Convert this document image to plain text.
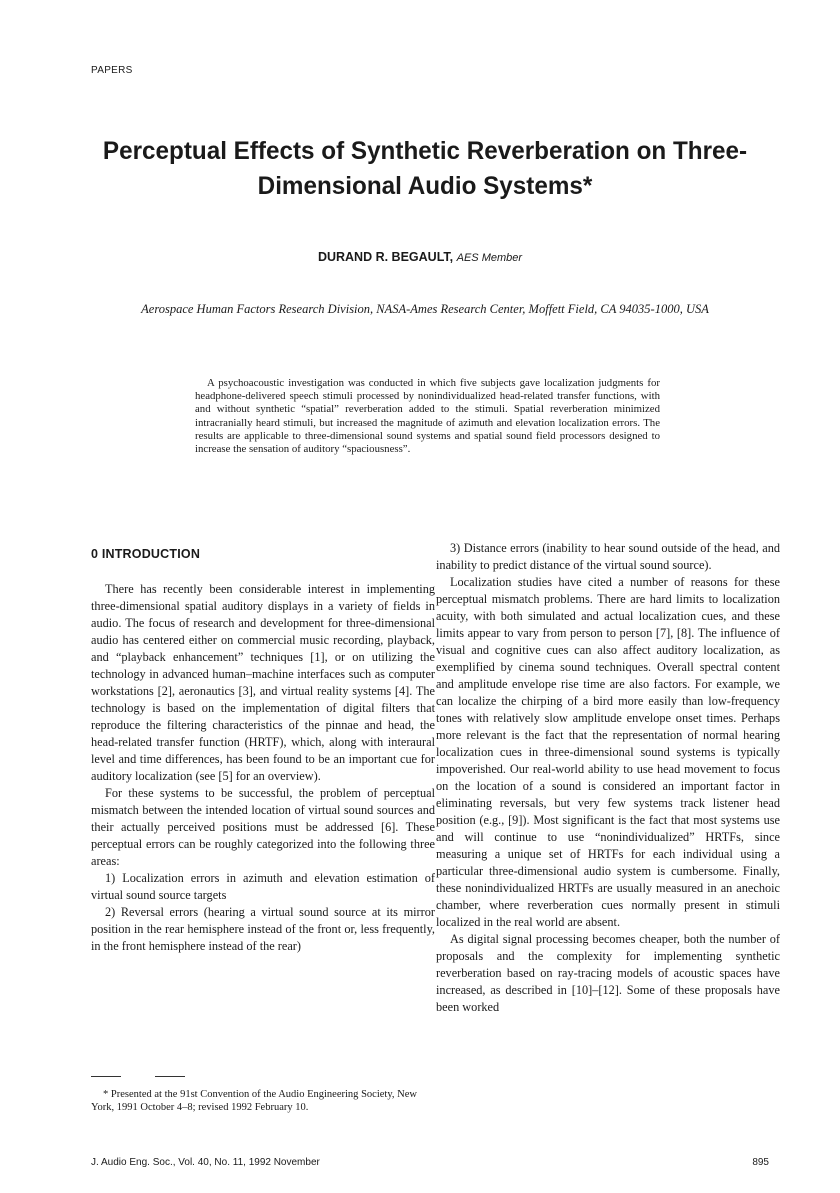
PAPERS
Perceptual Effects of Synthetic Reverberation on Three-Dimensional Audio Systems*
DURAND R. BEGAULT, AES Member
Aerospace Human Factors Research Division, NASA-Ames Research Center, Moffett Field, CA 94035-1000, USA

A psychoacoustic investigation was conducted in which five subjects gave localization judgments for headphone-delivered speech stimuli processed by nonindividualized head-related transfer functions, with and without synthetic “spatial” reverberation added to the stimuli. Spatial reverberation minimized intracranially heard stimuli, but increased the magnitude of azimuth and elevation localization errors. The results are applicable to three-dimensional sound systems and spatial sound field processors designed to increase the sensation of auditory “spaciousness”.

0 INTRODUCTION

There has recently been considerable interest in implementing three-dimensional spatial auditory displays in a variety of fields in audio. The focus of research and development for three-dimensional audio has centered either on commercial music recording, playback, and “playback enhancement” techniques [1], or on utilizing the technology in advanced human–machine interfaces such as computer workstations [2], aeronautics [3], and virtual reality systems [4]. The technology is based on the implementation of digital filters that reproduce the filtering characteristics of the pinnae and head, the head-related transfer function (HRTF), which, along with interaural level and time differences, has been found to be an important cue for auditory localization (see [5] for an overview).

For these systems to be successful, the problem of perceptual mismatch between the intended location of virtual sound sources and their actually perceived positions must be addressed [6]. These perceptual errors can be roughly categorized into the following three areas:

1) Localization errors in azimuth and elevation estimation of virtual sound source targets

2) Reversal errors (hearing a virtual sound source at its mirror position in the rear hemisphere instead of the front or, less frequently, in the front hemisphere instead of the rear)

3) Distance errors (inability to hear sound outside of the head, and inability to predict distance of the virtual sound source).

Localization studies have cited a number of reasons for these perceptual mismatch problems. There are hard limits to localization acuity, with both simulated and actual localization cues, and these limits appear to vary from person to person [7], [8]. The influence of visual and cognitive cues can also affect auditory localization, as exemplified by cinema sound techniques. Overall spectral content and amplitude envelope rise time are also factors. For example, we can localize the chirping of a bird more easily than low-frequency tones with relatively slow amplitude envelope onset times. Perhaps more relevant is the fact that the representation of normal hearing localization cues in three-dimensional sound systems is typically impoverished. Our real-world ability to use head movement to focus on the location of a sound is considered an important factor in eliminating reversals, but very few systems track listener head position (e.g., [9]). Most significant is the fact that most systems use and will continue to use “nonindividualized” HRTFs, since measuring a unique set of HRTFs for each individual using a particular three-dimensional audio system is cumbersome. Finally, these nonindividualized HRTFs are usually measured in an anechoic chamber, where reverberation cues normally present in stimuli localized in the real world are absent.

As digital signal processing becomes cheaper, both the number of proposals and the complexity for implementing synthetic reverberation based on ray-tracing models of acoustic spaces have increased, as described in [10]–[12]. Some of these proposals have been worked

* Presented at the 91st Convention of the Audio Engineering Society, New York, 1991 October 4–8; revised 1992 February 10.

J. Audio Eng. Soc., Vol. 40, No. 11, 1992 November	895
